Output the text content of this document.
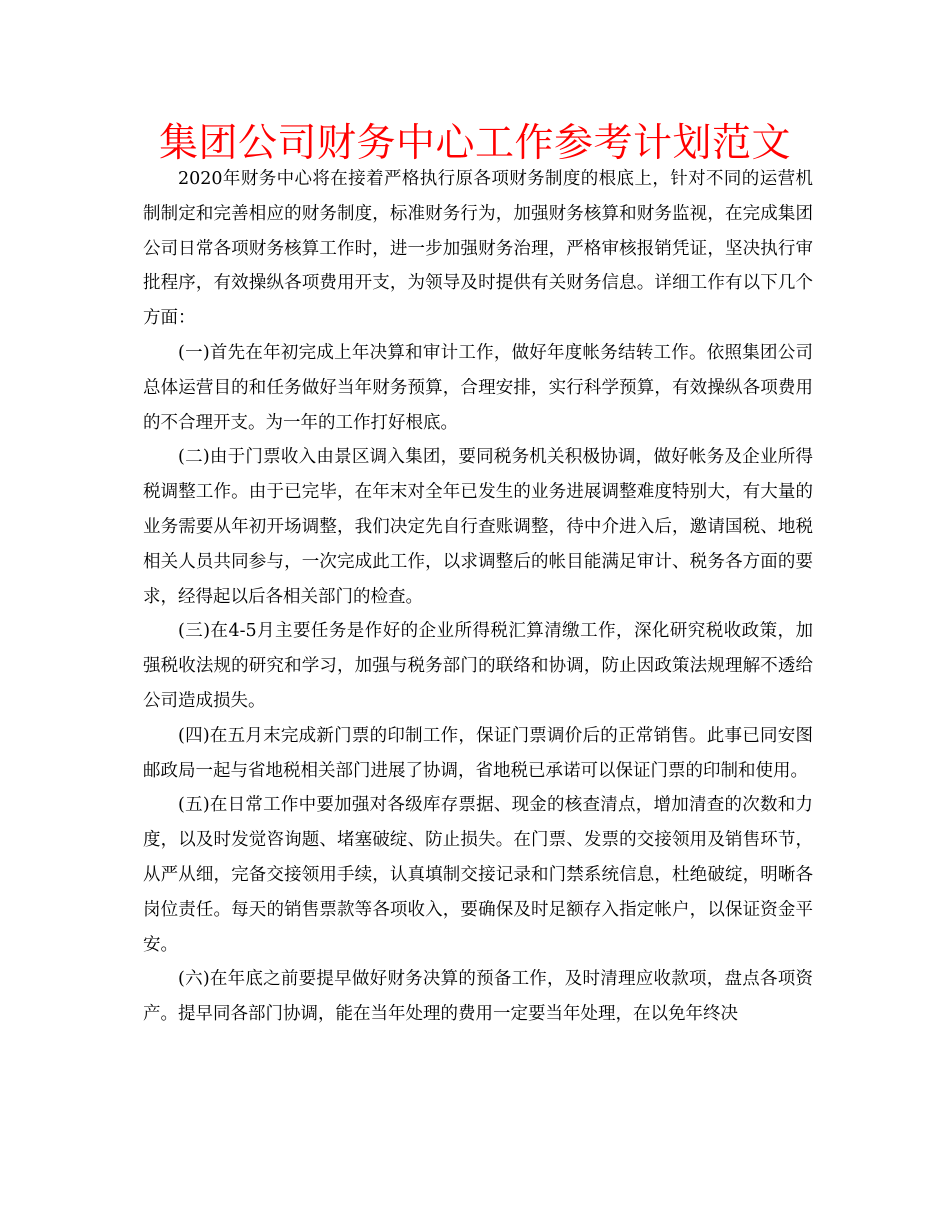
集团公司财务中心工作参考计划范文

2020年财务中心将在接着严格执行原各项财务制度的根底上，针对不同的运营机制制定和完善相应的财务制度，标准财务行为，加强财务核算和财务监视，在完成集团公司日常各项财务核算工作时，进一步加强财务治理，严格审核报销凭证，坚决执行审批程序，有效操纵各项费用开支，为领导及时提供有关财务信息。详细工作有以下几个方面：

(一)首先在年初完成上年决算和审计工作，做好年度帐务结转工作。依照集团公司总体运营目的和任务做好当年财务预算，合理安排，实行科学预算，有效操纵各项费用的不合理开支。为一年的工作打好根底。

(二)由于门票收入由景区调入集团，要同税务机关积极协调，做好帐务及企业所得税调整工作。由于已完毕，在年末对全年已发生的业务进展调整难度特别大，有大量的业务需要从年初开场调整，我们决定先自行查账调整，待中介进入后，邀请国税、地税相关人员共同参与，一次完成此工作，以求调整后的帐目能满足审计、税务各方面的要求，经得起以后各相关部门的检查。

(三)在4-5月主要任务是作好的企业所得税汇算清缴工作，深化研究税收政策，加强税收法规的研究和学习，加强与税务部门的联络和协调，防止因政策法规理解不透给公司造成损失。

(四)在五月末完成新门票的印制工作，保证门票调价后的正常销售。此事已同安图邮政局一起与省地税相关部门进展了协调，省地税已承诺可以保证门票的印制和使用。

(五)在日常工作中要加强对各级库存票据、现金的核查清点，增加清查的次数和力度，以及时发觉咨询题、堵塞破绽、防止损失。在门票、发票的交接领用及销售环节，从严从细，完备交接领用手续，认真填制交接记录和门禁系统信息，杜绝破绽，明晰各岗位责任。每天的销售票款等各项收入，要确保及时足额存入指定帐户，以保证资金平安。

(六)在年底之前要提早做好财务决算的预备工作，及时清理应收款项，盘点各项资产。提早同各部门协调，能在当年处理的费用一定要当年处理，在以免年终决
